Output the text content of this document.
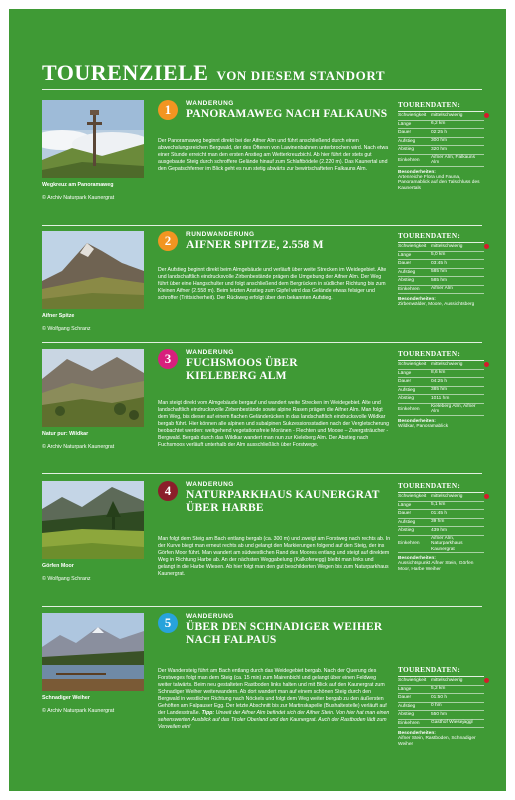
TOURENZIELE VON DIESEM STANDORT
Wegkreuz am Panoramaweg
© Archiv Naturpark Kaunergrat
1	WANDERUNG
PANORAMAWEG NACH FALKAUNS
Der Panoramaweg beginnt direkt bei der Aifner Alm und führt anschließend durch einen abwechslungsreichen Bergwald, der des Öfteren von Lawinenbahnen unterbrochen wird. Nach etwa einer Stunde erreicht man den ersten Anstieg am Wetterkreuzbichl. Ab hier führt der stets gut ausgebaute Steig durch schroffere Gelände hinauf zum Schlaftbödele (2.220 m). Das Kaunertal und den Gepatschferner im Blick geht es nun stetig abwärts zur bewirtschafteten Falkauns Alm.
TOURENDATEN:
Schwierigkeit mittelschwierig
Länge	6,2 km
Dauer	02:25 h
Aufstieg	300 hm
Abstieg	320 hm
Einkehren
Aifner Alm, Falkauns Alm
Besonderheiten:
Artenreiche Flora und Fauna, Panoramablick auf den Talschluss des Kaunertals
Aifner Spitze
© Wolfgang Schranz
2	RUNDWANDERUNG
AIFNER SPITZE, 2.558 M
Der Aufstieg beginnt direkt beim Almgebäude und verläuft über weite Strecken im Weidegebiet. Alte und landschaftlich eindrucksvolle Zirbenbestände prägen die Umgebung der Aifner Alm. Der Weg führt über eine Hangschulter und folgt anschließend dem Bergrücken in südlicher Richtung bis zum Kleinen Aifner (2.558 m). Beim letzten Anstieg zum Gipfel wird das Gelände etwas felsiger und schroffer (Trittsicherheit). Der Rückweg erfolgt über den bekannten Aufstieg.
TOURENDATEN:
Schwierigkeit mittelschwierig
Länge	5,0 km
Dauer	03:45 h
Aufstieg	585 hm
Abstieg	585 hm
Einkehren	Aifner Alm
Besonderheiten:
Zirbenwälder, Moore, Aussichtsberg
Natur pur: Wildkar
© Archiv Naturpark Kaunergrat
3	WANDERUNG
FUCHSMOOS ÜBER KIELEBERG ALM
Man steigt direkt vom Almgebäude bergauf und wandert weite Strecken im Weidegebiet. Alte und landschaftlich eindrucksvolle Zirbenbestände sowie alpine Rasen prägen die Aifner Alm. Man folgt dem Weg, bis dieser auf einem flachen Geländerücken in das landschaftlich eindrucksvolle Wildkar bergab führt. Hier können alle alpinen und subalpinen Sukzessionsstadien nach der Vergletscherung beobachtet werden: weitgehend vegetationsfreie Moränen - Flechten und Moose – Zwergsträucher - Bergwald. Bergab durch das Wildkar wandert man nun zur Kieleberg Alm. Der Abstieg nach Fuchsmoos verläuft unterhalb der Alm ausschließlich über Forstwege.
TOURENDATEN:
Schwierigkeit mittelschwierig
Länge	8,6 km
Dauer	04:25 h
Aufstieg	385 hm
Abstieg	1011 hm
Einkehren
Kieleberg Alm, Aifner Alm
Besonderheiten:
Wildkar, Panoramablick
Görfen Moor
© Wolfgang Schranz
4	WANDERUNG
NATURPARKHAUS KAUNERGRAT ÜBER HARBE
Man folgt dem Steig am Bach entlang bergab (ca. 300 m) und zweigt am Forstweg nach rechts ab. In der Kurve biegt man erneut rechts ab und gelangt den Markierungen folgend auf den Steig, der ins Görfen Moor führt. Man wandert am südwestlichen Rand des Moores entlang und steigt auf direktem Weg in Richtung Harbe ab. An der nächsten Weggabelung (Kalkofenegg) bleibt man links und gelangt in die Harbe Wiesen. Ab hier folgt man den gut beschilderten Wegen bis zum Naturparkhaus Kaunergrat.
TOURENDATEN:
Schwierigkeit mittelschwierig
Länge	5,1 km
Dauer	01:45 h
Aufstieg	39 hm
Abstieg	439 hm
Einkehren
Aifner Alm, Naturparkhaus Kaunergrat
Besonderheiten:
Aussichtspunkt Aifner Stein, Görfen Moor, Harbe Weiher
Schnadiger Weiher
© Archiv Naturpark Kaunergrat
5	WANDERUNG
ÜBER DEN SCHNADIGER WEIHER NACH FALPAUS
Der Wandersteig führt am Bach entlang durch das Weidegebiet bergab. Nach der Querung des Forstweges folgt man dem Steig (ca. 15 min) zum Mairenbichl und gelangt über einen Feldweg weiter talwärts. Beim neu gestalteten Rastboden links halten und mit Blick auf den Kaunergrat zum Schnadiger Weiher weiterwandern. Ab dort wandert man auf einem schönen Steig durch den Bergwald in westlicher Richtung nach Nöckels und folgt dem Weg weiter bergab zu den äußersten Gehöften am Falpauser Egg. Der letzte Abschnitt bis zur Martinskapelle (Bushaltestelle) verläuft auf der Landesstraße. Tipp: Unweit der Aifner Alm befindet sich der Aifner Stein. Von hier hat man einen sehenswerten Ausblick auf das Tiroler Oberland und den Kaunergrat. Auch der Rastboden lädt zum Verweilen ein!
TOURENDATEN:
Schwierigkeit mittelschwierig
Länge	5,2 km
Dauer	01:50 h
Aufstieg	0 hm
Abstieg	550 hm
Einkehren	Gasthof Wiesejaggl
Besonderheiten:
Aifner Stein, Rastboden, Schnadiger Weiher
